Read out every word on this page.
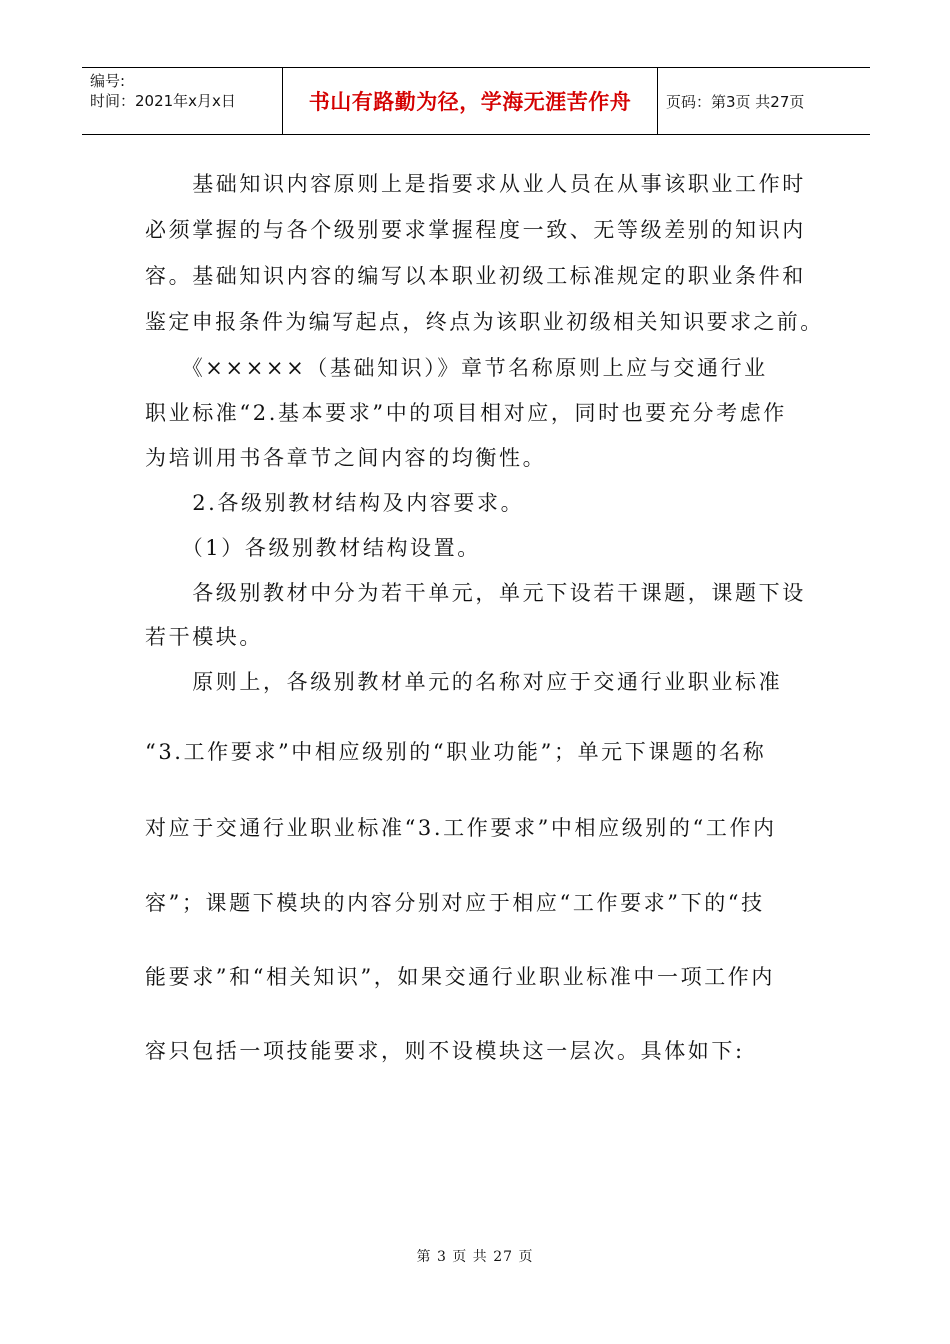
编号:
时间：2021年x月x日	书山有路勤为径，学海无涯苦作舟 页码：第3页 共27页

　　基础知识内容原则上是指要求从业人员在从事该职业工作时

必须掌握的与各个级别要求掌握程度一致、无等级差别的知识内

容。基础知识内容的编写以本职业初级工标准规定的职业条件和

鉴定申报条件为编写起点，终点为该职业初级相关知识要求之前。

　　《×××××（基础知识）》章节名称原则上应与交通行业

职业标准“2.基本要求”中的项目相对应，同时也要充分考虑作

为培训用书各章节之间内容的均衡性。

　　2.各级别教材结构及内容要求。

　　（1）各级别教材结构设置。

　　各级别教材中分为若干单元，单元下设若干课题，课题下设

若干模块。

　　原则上，各级别教材单元的名称对应于交通行业职业标准

“3.工作要求”中相应级别的“职业功能”；单元下课题的名称

对应于交通行业职业标准“3.工作要求”中相应级别的“工作内

容”；课题下模块的内容分别对应于相应“工作要求”下的“技

能要求”和“相关知识”，如果交通行业职业标准中一项工作内

容只包括一项技能要求，则不设模块这一层次。具体如下:

第 3 页 共 27 页
